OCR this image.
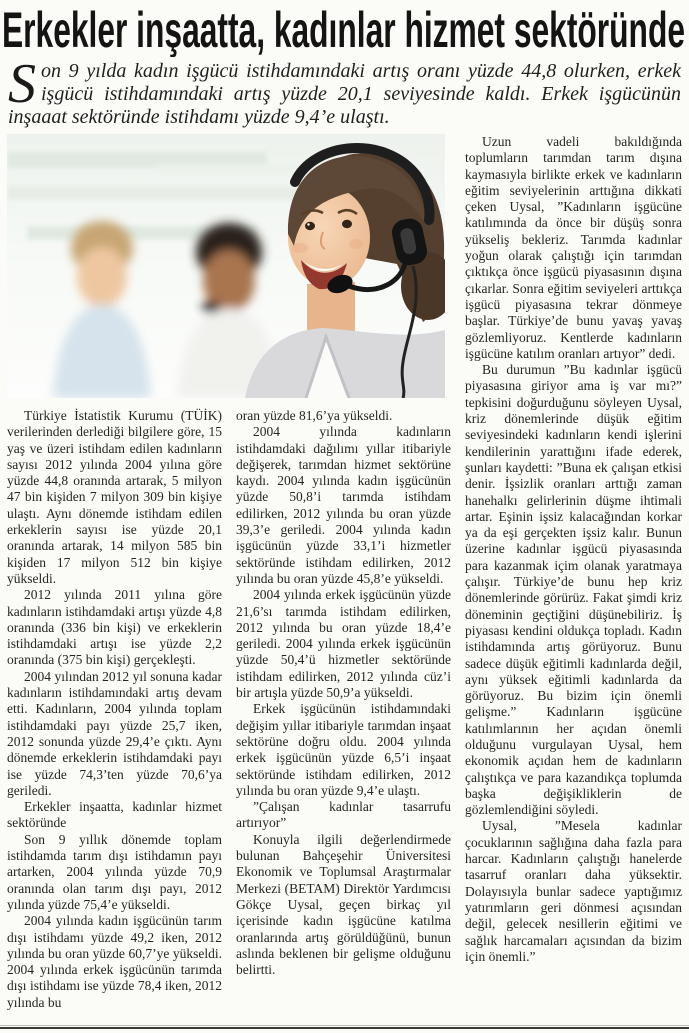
Erkekler inşaatta, kadınlar hizmet sektöründe

Son 9 yılda kadın işgücü istihdamındaki artış oranı yüzde 44,8 olurken, erkek işgücü istihdamındaki artış yüzde 20,1 seviyesinde kaldı. Erkek işgücünün inşaaat sektöründe istihdamı yüzde 9,4’e ulaştı.

Türkiye İstatistik Kurumu (TÜİK) verilerinden derlediği bilgilere göre, 15 yaş ve üzeri istihdam edilen kadınların sayısı 2012 yılında 2004 yılına göre yüzde 44,8 oranında artarak, 5 milyon 47 bin kişiden 7 milyon 309 bin kişiye ulaştı. Aynı dönemde istihdam edilen erkeklerin sayısı ise yüzde 20,1 oranında artarak, 14 milyon 585 bin kişiden 17 milyon 512 bin kişiye yükseldi.

2012 yılında 2011 yılına göre kadınların istihdamdaki artışı yüzde 4,8 oranında (336 bin kişi) ve erkeklerin istihdamdaki artışı ise yüzde 2,2 oranında (375 bin kişi) gerçekleşti.

2004 yılından 2012 yıl sonuna kadar kadınların istihdamındaki artış devam etti. Kadınların, 2004 yılında toplam istihdamdaki payı yüzde 25,7 iken, 2012 sonunda yüzde 29,4’e çıktı. Aynı dönemde erkeklerin istihdamdaki payı ise yüzde 74,3’ten yüzde 70,6’ya geriledi.

Erkekler inşaatta, kadınlar hizmet sektöründe

Son 9 yıllık dönemde toplam istihdamda tarım dışı istihdamın payı artarken, 2004 yılında yüzde 70,9 oranında olan tarım dışı payı, 2012 yılında yüzde 75,4’e yükseldi.

2004 yılında kadın işgücünün tarım dışı istihdamı yüzde 49,2 iken, 2012 yılında bu oran yüzde 60,7’ye yükseldi. 2004 yılında erkek işgücünün tarımda dışı istihdamı ise yüzde 78,4 iken, 2012 yılında bu

oran yüzde 81,6’ya yükseldi.

2004 yılında kadınların istihdamdaki dağılımı yıllar itibariyle değişerek, tarımdan hizmet sektörüne kaydı. 2004 yılında kadın işgücünün yüzde 50,8’i tarımda istihdam edilirken, 2012 yılında bu oran yüzde 39,3’e geriledi. 2004 yılında kadın işgücünün yüzde 33,1’i hizmetler sektöründe istihdam edilirken, 2012 yılında bu oran yüzde 45,8’e yükseldi.

2004 yılında erkek işgücünün yüzde 21,6’sı tarımda istihdam edilirken, 2012 yılında bu oran yüzde 18,4’e geriledi. 2004 yılında erkek işgücünün yüzde 50,4’ü hizmetler sektöründe istihdam edilirken, 2012 yılında cüz’i bir artışla yüzde 50,9’a yükseldi.

Erkek işgücünün istihdamındaki değişim yıllar itibariyle tarımdan inşaat sektörüne doğru oldu. 2004 yılında erkek işgücünün yüzde 6,5’i inşaat sektöründe istihdam edilirken, 2012 yılında bu oran yüzde 9,4’e ulaştı.

”Çalışan kadınlar tasarrufu artırıyor”

Konuyla ilgili değerlendirmede bulunan Bahçeşehir Üniversitesi Ekonomik ve Toplumsal Araştırmalar Merkezi (BETAM) Direktör Yardımcısı Gökçe Uysal, geçen birkaç yıl içerisinde kadın işgücüne katılma oranlarında artış görüldüğünü, bunun aslında beklenen bir gelişme olduğunu belirtti.

Uzun vadeli bakıldığında toplumların tarımdan tarım dışına kaymasıyla birlikte erkek ve kadınların eğitim seviyelerinin arttığına dikkati çeken Uysal, ”Kadınların işgücüne katılımında da önce bir düşüş sonra yükseliş bekleriz. Tarımda kadınlar yoğun olarak çalıştığı için tarımdan çıktıkça önce işgücü piyasasının dışına çıkarlar. Sonra eğitim seviyeleri arttıkça işgücü piyasasına tekrar dönmeye başlar. Türkiye’de bunu yavaş yavaş gözlemliyoruz. Kentlerde kadınların işgücüne katılım oranları artıyor” dedi.

Bu durumun ”Bu kadınlar işgücü piyasasına giriyor ama iş var mı?” tepkisini doğurduğunu söyleyen Uysal, kriz dönemlerinde düşük eğitim seviyesindeki kadınların kendi işlerini kendilerinin yarattığını ifade ederek, şunları kaydetti: ”Buna ek çalışan etkisi denir. İşsizlik oranları arttığı zaman hanehalkı gelirlerinin düşme ihtimali artar. Eşinin işsiz kalacağından korkar ya da eşi gerçekten işsiz kalır. Bunun üzerine kadınlar işgücü piyasasında para kazanmak içim olanak yaratmaya çalışır. Türkiye’de bunu hep kriz dönemlerinde görürüz. Fakat şimdi kriz döneminin geçtiğini düşünebiliriz. İş piyasası kendini oldukça topladı. Kadın istihdamında artış görüyoruz. Bunu sadece düşük eğitimli kadınlarda değil, aynı yüksek eğitimli kadınlarda da görüyoruz. Bu bizim için önemli gelişme.” Kadınların işgücüne katılımlarının her açıdan önemli olduğunu vurgulayan Uysal, hem ekonomik açıdan hem de kadınların çalıştıkça ve para kazandıkça toplumda başka değişikliklerin de gözlemlendiğini söyledi.

Uysal, ”Mesela kadınlar çocuklarının sağlığına daha fazla para harcar. Kadınların çalıştığı hanelerde tasarruf oranları daha yüksektir. Dolayısıyla bunlar sadece yaptığımız yatırımların geri dönmesi açısından değil, gelecek nesillerin eğitimi ve sağlık harcamaları açısından da bizim için önemli.”
